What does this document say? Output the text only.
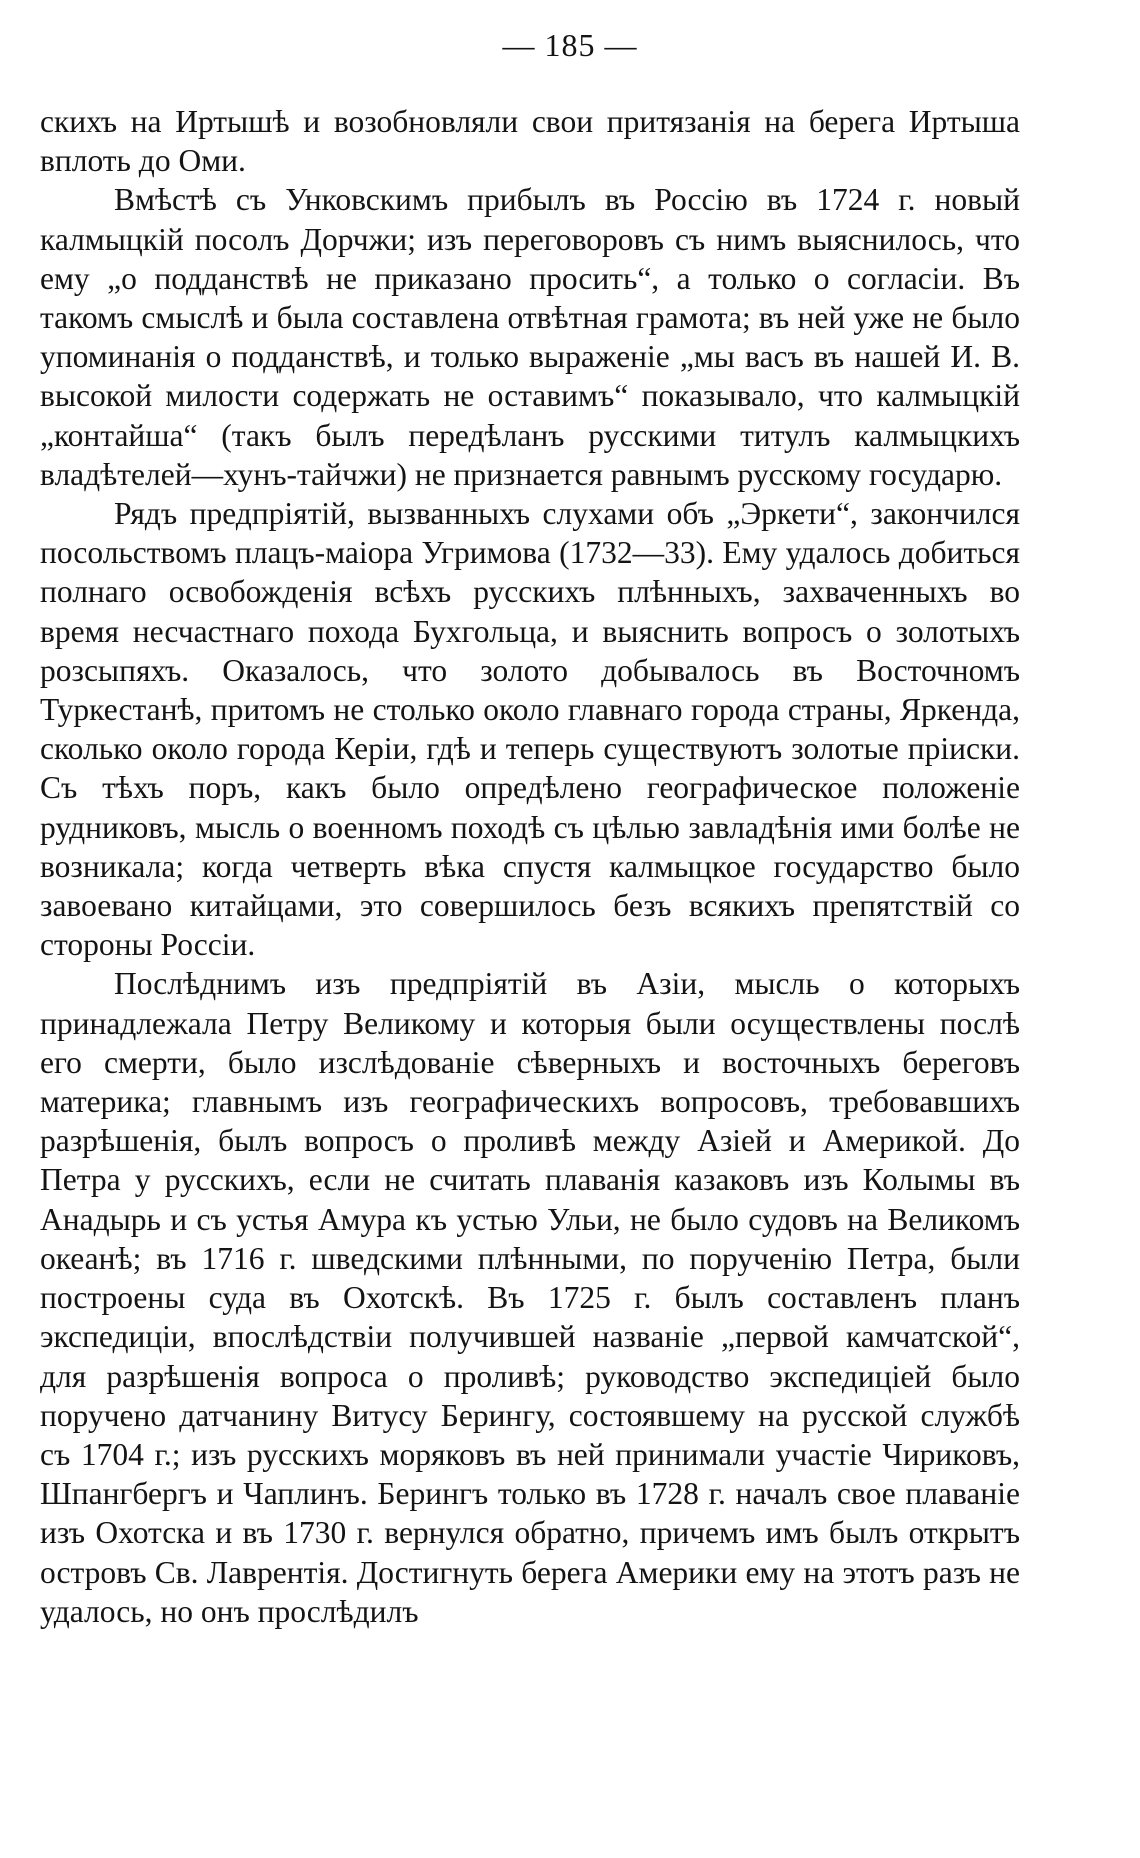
— 185 —

скихъ на Иртышѣ и возобновляли свои притязанія на берега Иртыша вплоть до Оми.

Вмѣстѣ съ Унковскимъ прибылъ въ Россію въ 1724 г. новый калмыцкій посолъ Дорчжи; изъ переговоровъ съ нимъ выяснилось, что ему „о подданствѣ не приказано просить“, а только о согласіи. Въ такомъ смыслѣ и была составлена отвѣтная грамота; въ ней уже не было упоминанія о подданствѣ, и только выраженіе „мы васъ въ нашей И. В. высокой милости содержать не оставимъ“ показывало, что калмыцкій „контайша“ (такъ былъ передѣланъ русскими титулъ калмыцкихъ владѣтелей—хунъ-тайчжи) не признается равнымъ русскому государю.

Рядъ предпріятій, вызванныхъ слухами объ „Эркети“, закончился посольствомъ плацъ-маіора Угримова (1732—33). Ему удалось добиться полнаго освобожденія всѣхъ русскихъ плѣнныхъ, захваченныхъ во время несчастнаго похода Бухгольца, и выяснить вопросъ о золотыхъ розсыпяхъ. Оказалось, что золото добывалось въ Восточномъ Туркестанѣ, притомъ не столько около главнаго города страны, Яркенда, сколько около города Керіи, гдѣ и теперь существуютъ золотые пріиски. Съ тѣхъ поръ, какъ было опредѣлено географическое положеніе рудниковъ, мысль о военномъ походѣ съ цѣлью завладѣнія ими болѣе не возникала; когда четверть вѣка спустя калмыцкое государство было завоевано китайцами, это совершилось безъ всякихъ препятствій со стороны Россіи.

Послѣднимъ изъ предпріятій въ Азіи, мысль о которыхъ принадлежала Петру Великому и которыя были осуществлены послѣ его смерти, было изслѣдованіе сѣверныхъ и восточныхъ береговъ материка; главнымъ изъ географическихъ вопросовъ, требовавшихъ разрѣшенія, былъ вопросъ о проливѣ между Азіей и Америкой. До Петра у русскихъ, если не считать плаванія казаковъ изъ Колымы въ Анадырь и съ устья Амура къ устью Ульи, не было судовъ на Великомъ океанѣ; въ 1716 г. шведскими плѣнными, по порученію Петра, были построены суда въ Охотскѣ. Въ 1725 г. былъ составленъ планъ экспедиціи, впослѣдствіи получившей названіе „первой камчатской“, для разрѣшенія вопроса о проливѣ; руководство экспедиціей было поручено датчанину Витусу Берингу, состоявшему на русской службѣ съ 1704 г.; изъ русскихъ моряковъ въ ней принимали участіе Чириковъ, Шпангбергъ и Чаплинъ. Берингъ только въ 1728 г. началъ свое плаваніе изъ Охотска и въ 1730 г. вернулся обратно, причемъ имъ былъ открытъ островъ Св. Лаврентія. Достигнуть берега Америки ему на этотъ разъ не удалось, но онъ прослѣдилъ
